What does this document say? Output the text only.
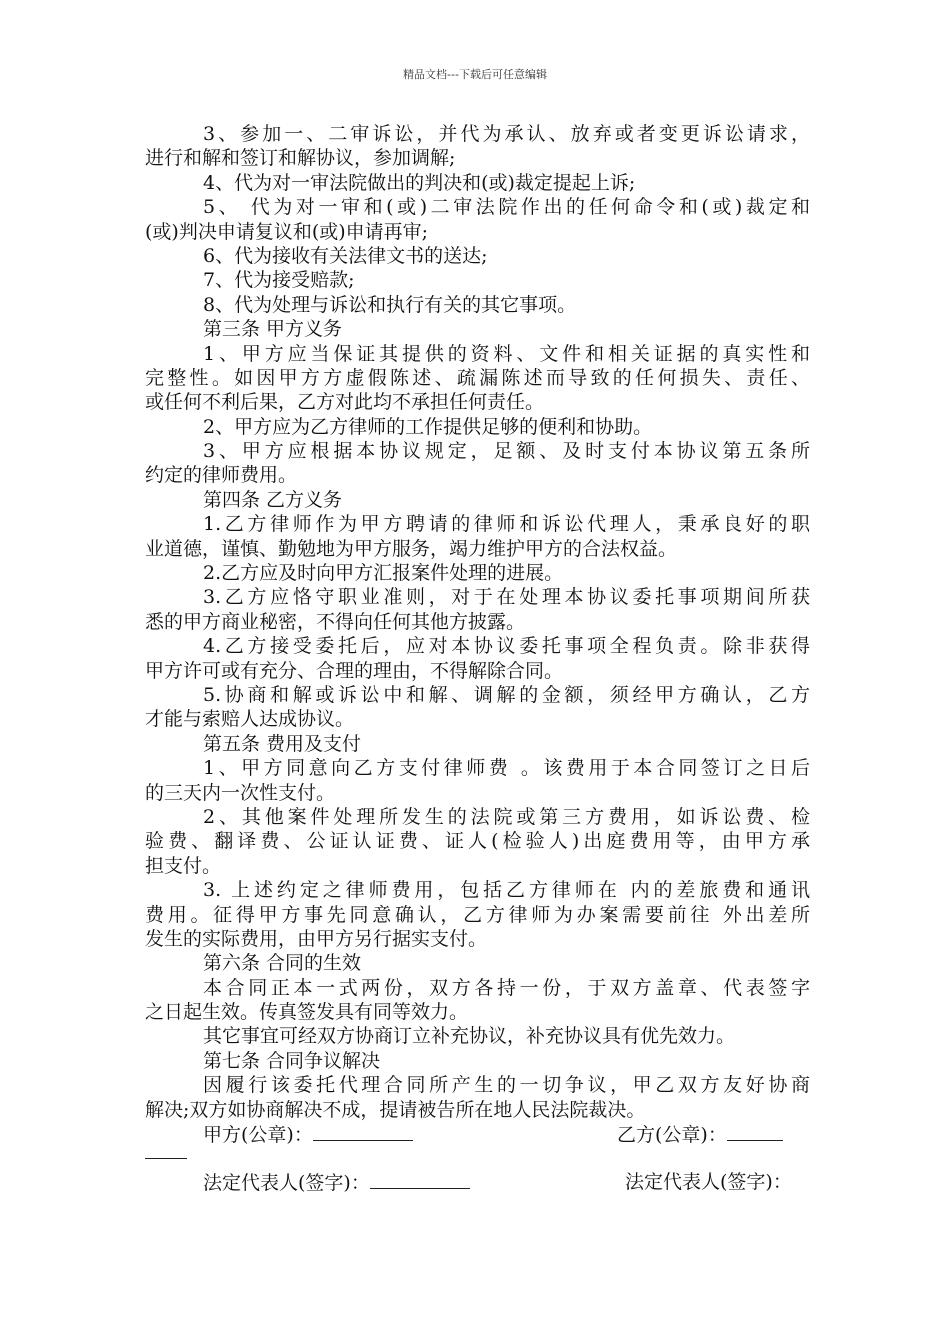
精品文档---下载后可任意编辑
3、参加一、二审诉讼，并代为承认、放弃或者变更诉讼请求，
进行和解和签订和解协议，参加调解;
4、代为对一审法院做出的判决和(或)裁定提起上诉;
5、 代为对一审和(或)二审法院作出的任何命令和(或)裁定和
(或)判决申请复议和(或)申请再审;
6、代为接收有关法律文书的送达;
7、代为接受赔款;
8、代为处理与诉讼和执行有关的其它事项。
第三条 甲方义务
1、甲方应当保证其提供的资料、文件和相关证据的真实性和
完整性。如因甲方方虚假陈述、疏漏陈述而导致的任何损失、责任、
或任何不利后果，乙方对此均不承担任何责任。
2、甲方应为乙方律师的工作提供足够的便利和协助。
3、甲方应根据本协议规定，足额、及时支付本协议第五条所
约定的律师费用。
第四条 乙方义务
1.乙方律师作为甲方聘请的律师和诉讼代理人，秉承良好的职
业道德，谨慎、勤勉地为甲方服务，竭力维护甲方的合法权益。
2.乙方应及时向甲方汇报案件处理的进展。
3.乙方应恪守职业准则，对于在处理本协议委托事项期间所获
悉的甲方商业秘密，不得向任何其他方披露。
4.乙方接受委托后，应对本协议委托事项全程负责。除非获得
甲方许可或有充分、合理的理由，不得解除合同。
5.协商和解或诉讼中和解、调解的金额，须经甲方确认，乙方
才能与索赔人达成协议。
第五条 费用及支付
1、甲方同意向乙方支付律师费 。该费用于本合同签订之日后
的三天内一次性支付。
2、其他案件处理所发生的法院或第三方费用，如诉讼费、检
验费、翻译费、公证认证费、证人(检验人)出庭费用等，由甲方承
担支付。
3. 上述约定之律师费用，包括乙方律师在 内的差旅费和通讯
费用。征得甲方事先同意确认，乙方律师为办案需要前往 外出差所
发生的实际费用，由甲方另行据实支付。
第六条 合同的生效
本合同正本一式两份，双方各持一份，于双方盖章、代表签字
之日起生效。传真签发具有同等效力。
其它事宜可经双方协商订立补充协议，补充协议具有优先效力。
第七条 合同争议解决
因履行该委托代理合同所产生的一切争议，甲乙双方友好协商
解决;双方如协商解决不成，提请被告所在地人民法院裁决。
甲方(公章)：	乙方(公章)：
法定代表人(签字)：	法定代表人(签字)：
